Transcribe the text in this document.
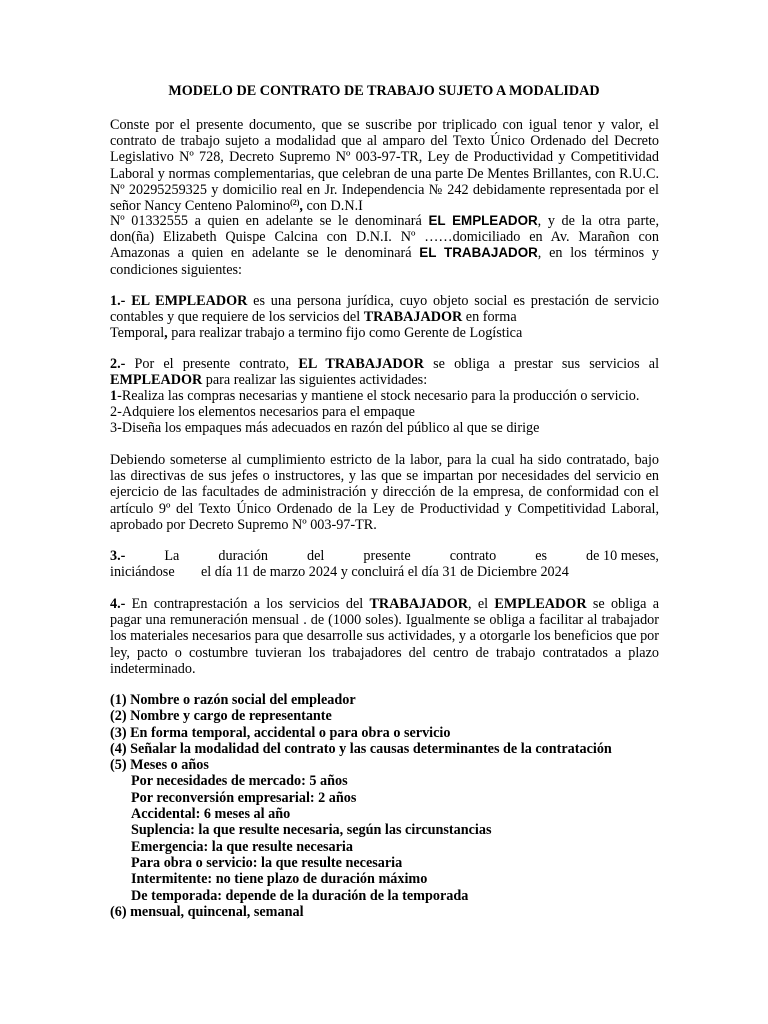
MODELO DE CONTRATO DE TRABAJO SUJETO A MODALIDAD
Conste por el presente documento, que se suscribe por triplicado con igual tenor y valor, el contrato de trabajo sujeto a modalidad que al amparo del Texto Único Ordenado del Decreto Legislativo Nº 728, Decreto Supremo Nº 003-97-TR, Ley de Productividad y Competitividad Laboral y normas complementarias, que celebran de una parte De Mentes Brillantes, con R.U.C. Nº 20295259325 y domicilio real en Jr. Independencia № 242 debidamente representada por el señor Nancy Centeno Palomino$^{(2)}$, con D.N.I
Nº 01332555 a quien en adelante se le denominará EL EMPLEADOR, y de la otra parte, don(ña) Elizabeth Quispe Calcina con D.N.I. Nº ……domiciliado en Av. Marañon con Amazonas a quien en adelante se le denominará EL TRABAJADOR, en los términos y condiciones siguientes:
1.- EL EMPLEADOR es una persona jurídica, cuyo objeto social es prestación de servicio contables y que requiere de los servicios del TRABAJADOR en forma
Temporal, para realizar trabajo a termino fijo como Gerente de Logística
2.- Por el presente contrato, EL TRABAJADOR se obliga a prestar sus servicios al EMPLEADOR para realizar las siguientes actividades:
1-Realiza las compras necesarias y mantiene el stock necesario para la producción o servicio.
2-Adquiere los elementos necesarios para el empaque
3-Diseña los empaques más adecuados en razón del público al que se dirige
Debiendo someterse al cumplimiento estricto de la labor, para la cual ha sido contratado, bajo las directivas de sus jefes o instructores, y las que se impartan por necesidades del servicio en ejercicio de las facultades de administración y dirección de la empresa, de conformidad con el artículo 9º del Texto Único Ordenado de la Ley de Productividad y Competitividad Laboral, aprobado por Decreto Supremo Nº 003-97-TR.
3.-	La	duración	del	presente	contrato	es	de 10 meses,
iniciándose el día 11 de marzo 2024 y concluirá el día 31 de Diciembre 2024
4.- En contraprestación a los servicios del TRABAJADOR, el EMPLEADOR se obliga a pagar una remuneración mensual . de (1000 soles). Igualmente se obliga a facilitar al trabajador los materiales necesarios para que desarrolle sus actividades, y a otorgarle los beneficios que por ley, pacto o costumbre tuvieran los trabajadores del centro de trabajo contratados a plazo indeterminado.
(1) Nombre o razón social del empleador
(2) Nombre y cargo de representante
(3) En forma temporal, accidental o para obra o servicio
(4) Señalar la modalidad del contrato y las causas determinantes de la contratación
(5) Meses o años
Por necesidades de mercado: 5 años
Por reconversión empresarial: 2 años
Accidental: 6 meses al año
Suplencia: la que resulte necesaria, según las circunstancias
Emergencia: la que resulte necesaria
Para obra o servicio: la que resulte necesaria
Intermitente: no tiene plazo de duración máximo
De temporada: depende de la duración de la temporada
(6) mensual, quincenal, semanal
